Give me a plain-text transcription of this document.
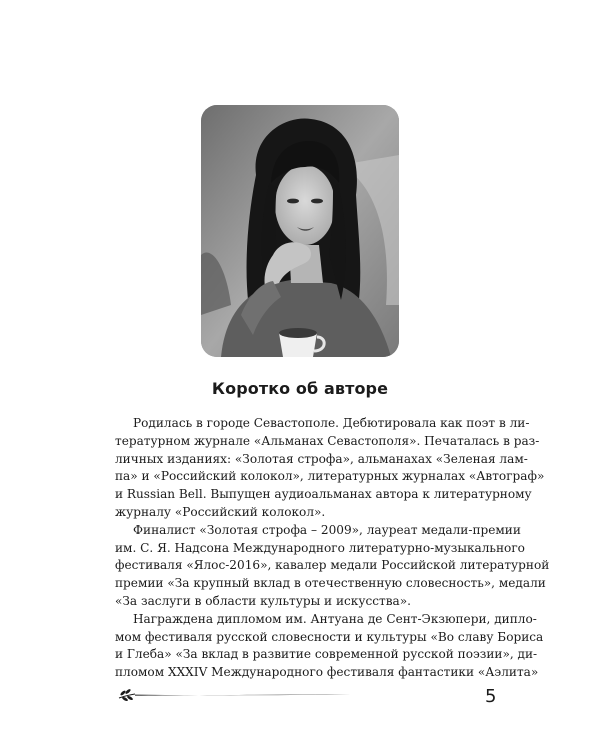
Коротко об авторе
Родилась в городе Севастополе. Дебютировала как поэт в ли-
тературном журнале «Альманах Севастополя». Печаталась в раз-
личных изданиях: «Золотая строфа», альманахах «Зеленая лам-
па» и «Российский колокол», литературных журналах «Автограф»
и Russian Bell. Выпущен аудиоальманах автора к литературному
журналу «Российский колокол».
Финалист «Золотая строфа – 2009», лауреат медали-премии
им. С. Я. Надсона Международного литературно-музыкального
фестиваля «Ялос-2016», кавалер медали Российской литературной
премии «За крупный вклад в отечественную словесность», медали
«За заслуги в области культуры и искусства».
Награждена дипломом им. Антуана де Сент-Экзюпери, дипло-
мом фестиваля русской словесности и культуры «Во славу Бориса
и Глеба» «За вклад в развитие современной русской поэзии», ди-
пломом XXXIV Международного фестиваля фантастики «Аэлита»
5
